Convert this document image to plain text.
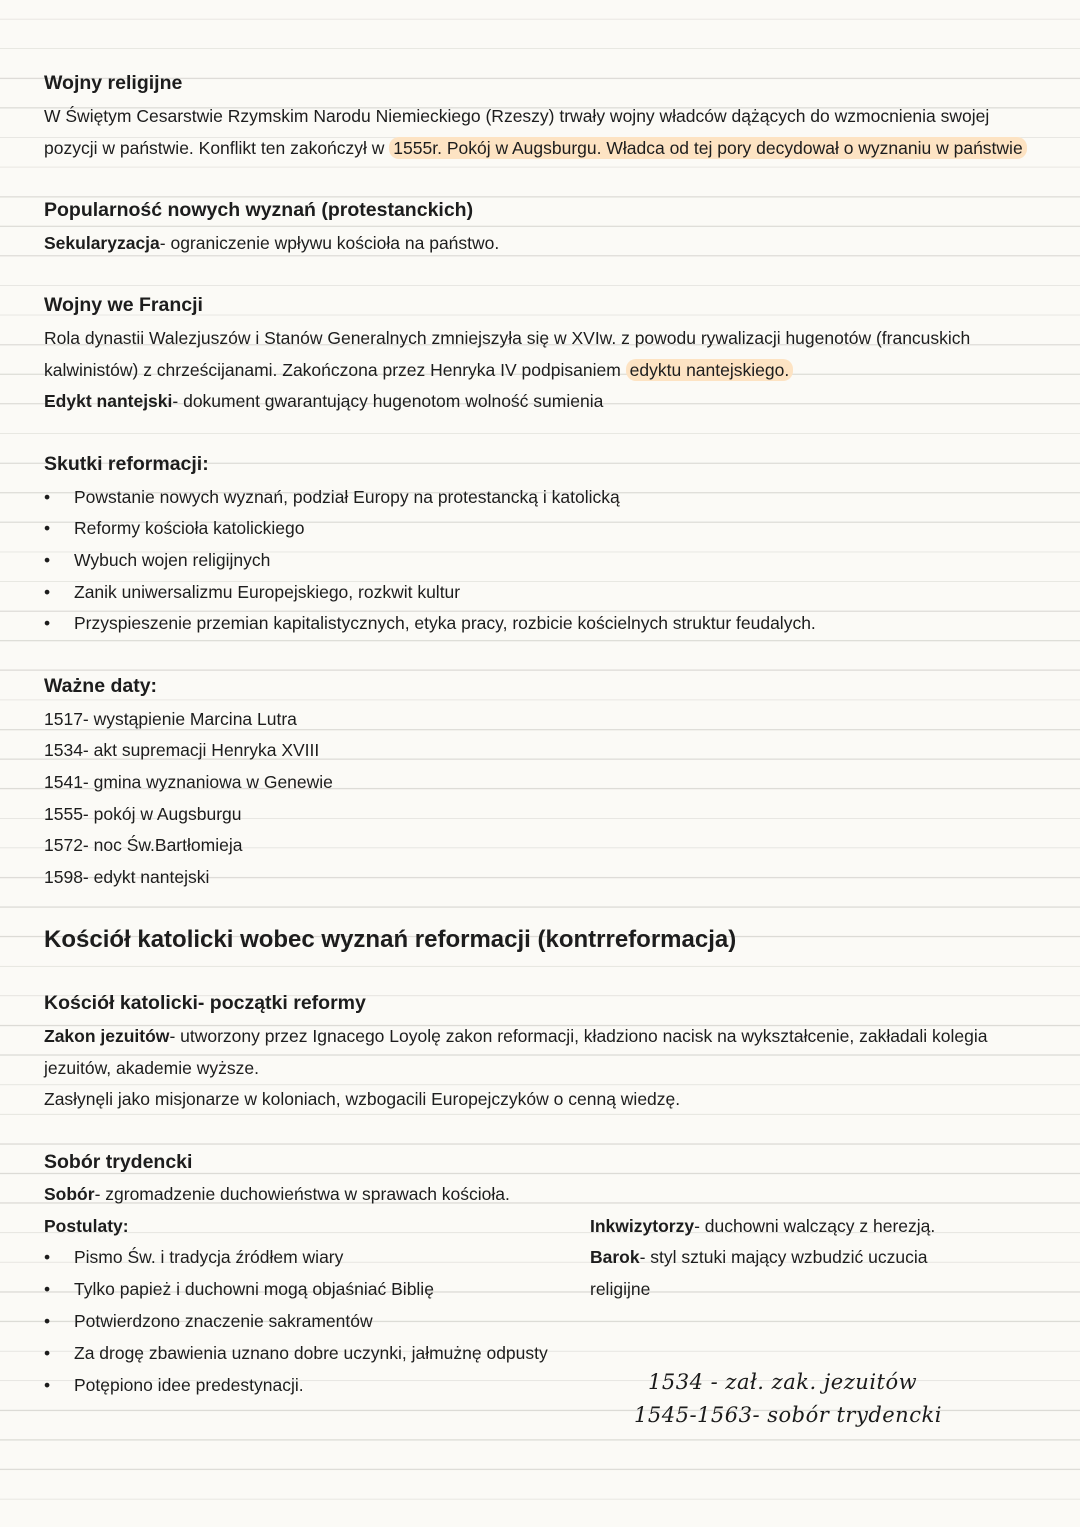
Wojny religijne
W Świętym Cesarstwie Rzymskim Narodu Niemieckiego (Rzeszy) trwały wojny władców dążących do wzmocnienia swojej
pozycji w państwie. Konflikt ten zakończył w 1555r. Pokój w Augsburgu. Władca od tej pory decydował o wyznaniu w państwie
Popularność nowych wyznań (protestanckich)
Sekularyzacja- ograniczenie wpływu kościoła na państwo.
Wojny we Francji
Rola dynastii Walezjuszów i Stanów Generalnych zmniejszyła się w XVIw. z powodu rywalizacji hugenotów (francuskich
kalwinistów) z chrześcijanami. Zakończona przez Henryka IV podpisaniem edyktu nantejskiego.
Edykt nantejski- dokument gwarantujący hugenotom wolność sumienia
Skutki reformacji:
• Powstanie nowych wyznań, podział Europy na protestancką i katolicką
• Reformy kościoła katolickiego
• Wybuch wojen religijnych
• Zanik uniwersalizmu Europejskiego, rozkwit kultur
• Przyspieszenie przemian kapitalistycznych, etyka pracy, rozbicie kościelnych struktur feudalych.
Ważne daty:
1517- wystąpienie Marcina Lutra
1534- akt supremacji Henryka XVIII
1541- gmina wyznaniowa w Genewie
1555- pokój w Augsburgu
1572- noc Św.Bartłomieja
1598- edykt nantejski
Kościół katolicki wobec wyznań reformacji (kontrreformacja)
Kościół katolicki- początki reformy
Zakon jezuitów- utworzony przez Ignacego Loyolę zakon reformacji, kładziono nacisk na wykształcenie, zakładali kolegia
jezuitów, akademie wyższe.
Zasłynęli jako misjonarze w koloniach, wzbogacili Europejczyków o cenną wiedzę.
Sobór trydencki
Sobór- zgromadzenie duchowieństwa w sprawach kościoła.
Postulaty:
• Pismo Św. i tradycja źródłem wiary
• Tylko papież i duchowni mogą objaśniać Biblię
• Potwierdzono znaczenie sakramentów
• Za drogę zbawienia uznano dobre uczynki, jałmużnę odpusty
• Potępiono idee predestynacji.
Inkwizytorzy- duchowni walczący z herezją.
Barok- styl sztuki mający wzbudzić uczucia
religijne
1534 - zał. zak. jezuitów
1545-1563- sobór trydencki
